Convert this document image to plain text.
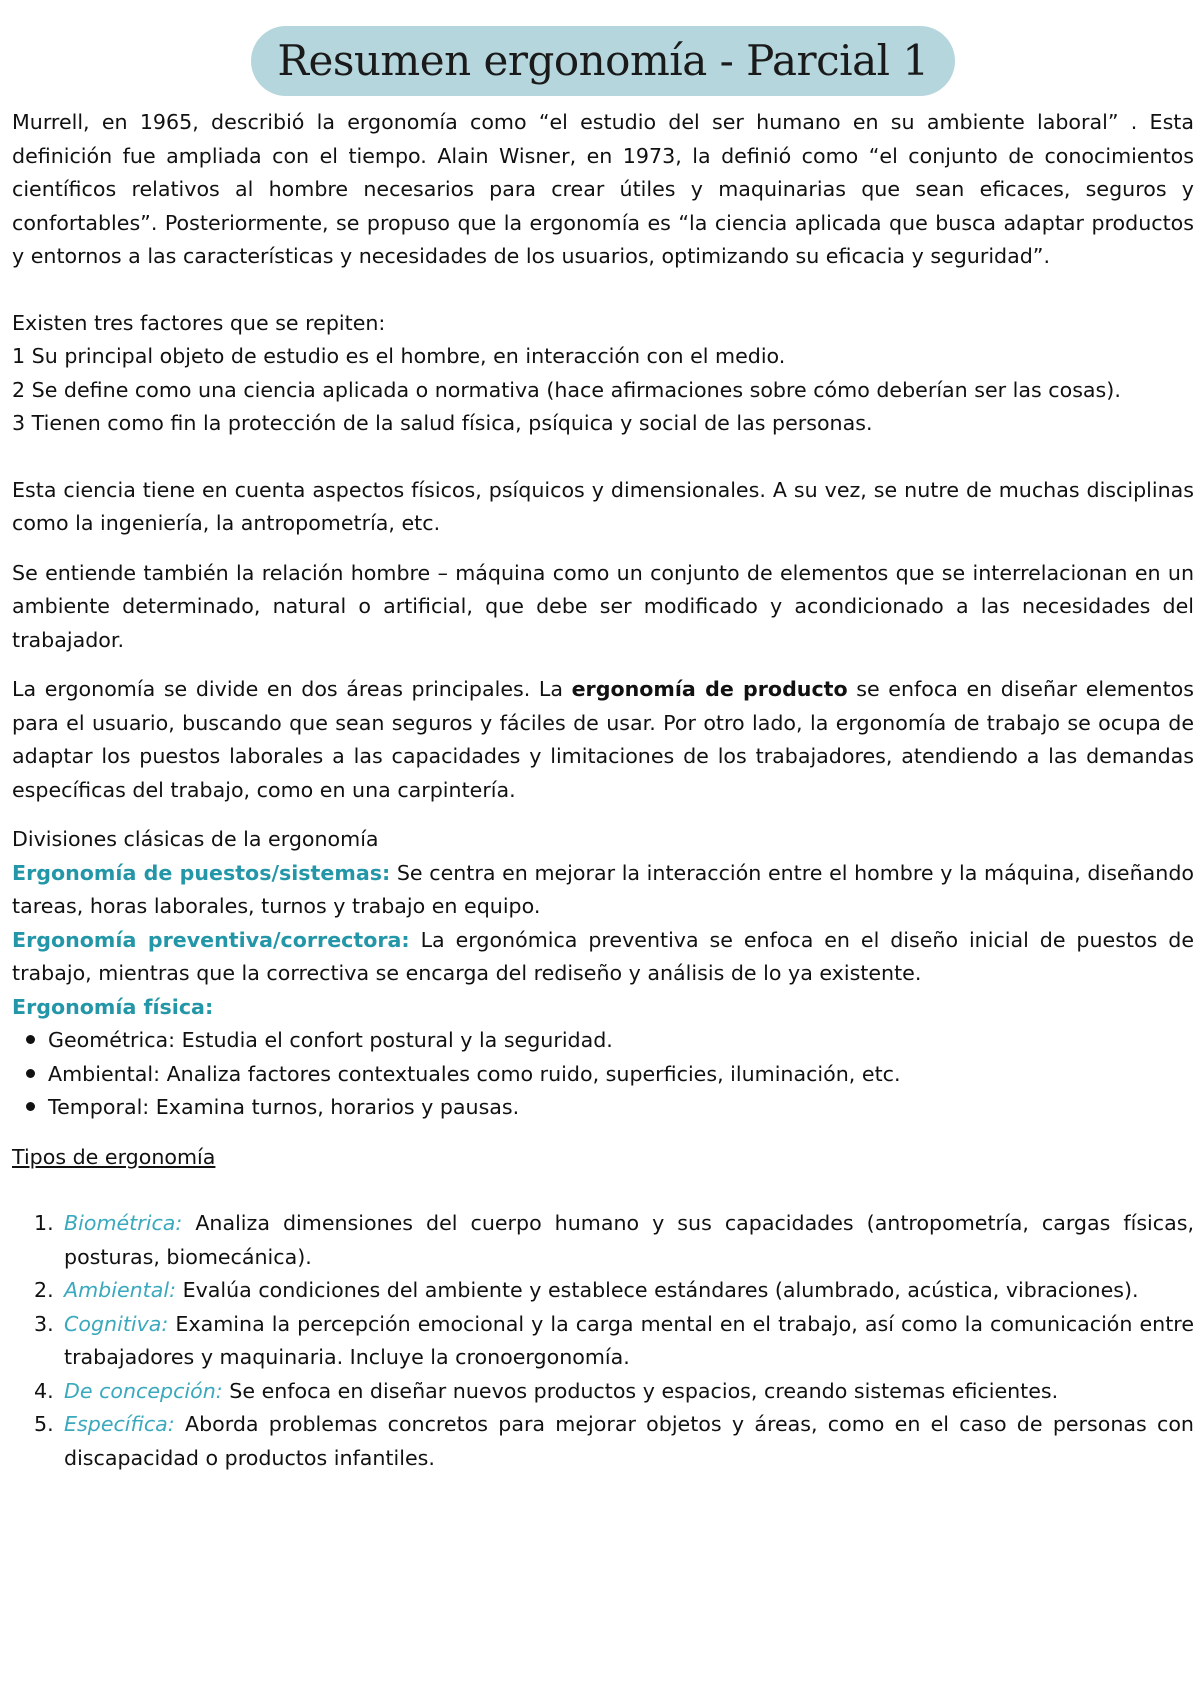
Resumen ergonomía - Parcial 1

Murrell, en 1965, describió la ergonomía como “el estudio del ser humano en su ambiente laboral” . Esta definición fue ampliada con el tiempo. Alain Wisner, en 1973, la definió como “el conjunto de conocimientos científicos relativos al hombre necesarios para crear útiles y maquinarias que sean eficaces, seguros y confortables”. Posteriormente, se propuso que la ergonomía es “la ciencia aplicada que busca adaptar productos y entornos a las características y necesidades de los usuarios, optimizando su eficacia y seguridad”.

Existen tres factores que se repiten:

1 Su principal objeto de estudio es el hombre, en interacción con el medio.

2 Se define como una ciencia aplicada o normativa (hace afirmaciones sobre cómo deberían ser las cosas).

3 Tienen como fin la protección de la salud física, psíquica y social de las personas.

Esta ciencia tiene en cuenta aspectos físicos, psíquicos y dimensionales. A su vez, se nutre de muchas disciplinas como la ingeniería, la antropometría, etc.

Se entiende también la relación hombre – máquina como un conjunto de elementos que se interrelacionan en un ambiente determinado, natural o artificial, que debe ser modificado y acondicionado a las necesidades del trabajador.

La ergonomía se divide en dos áreas principales. La ergonomía de producto se enfoca en diseñar elementos para el usuario, buscando que sean seguros y fáciles de usar. Por otro lado, la ergonomía de trabajo se ocupa de adaptar los puestos laborales a las capacidades y limitaciones de los trabajadores, atendiendo a las demandas específicas del trabajo, como en una carpintería.

Divisiones clásicas de la ergonomía

Ergonomía de puestos/sistemas: Se centra en mejorar la interacción entre el hombre y la máquina, diseñando tareas, horas laborales, turnos y trabajo en equipo.

Ergonomía preventiva/correctora: La ergonómica preventiva se enfoca en el diseño inicial de puestos de trabajo, mientras que la correctiva se encarga del rediseño y análisis de lo ya existente.

Ergonomía física:

Geométrica: Estudia el confort postural y la seguridad.
Ambiental: Analiza factores contextuales como ruido, superficies, iluminación, etc.
Temporal: Examina turnos, horarios y pausas.

Tipos de ergonomía

1. Biométrica: Analiza dimensiones del cuerpo humano y sus capacidades (antropometría, cargas físicas, posturas, biomecánica).
2. Ambiental: Evalúa condiciones del ambiente y establece estándares (alumbrado, acústica, vibraciones).
3. Cognitiva: Examina la percepción emocional y la carga mental en el trabajo, así como la comunicación entre trabajadores y maquinaria. Incluye la cronoergonomía.
4. De concepción: Se enfoca en diseñar nuevos productos y espacios, creando sistemas eficientes.
5. Específica: Aborda problemas concretos para mejorar objetos y áreas, como en el caso de personas con discapacidad o productos infantiles.
